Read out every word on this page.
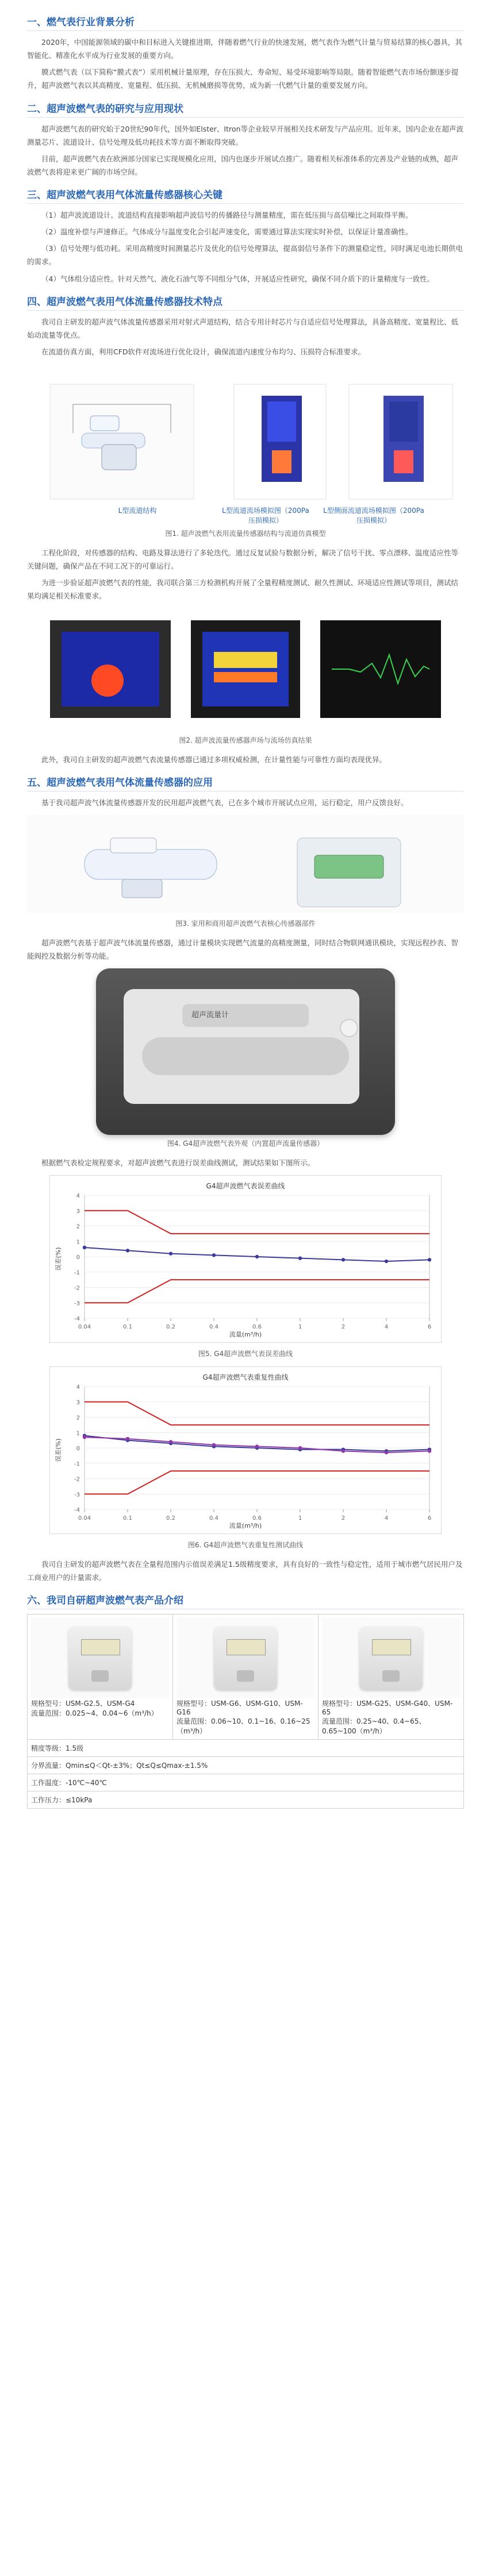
一、燃气表行业背景分析
2020年，中国能源领域的碳中和目标进入关键推进期，伴随着燃气行业的快速发展，燃气表作为燃气计量与贸易结算的核心器具，其智能化、精准化水平成为行业发展的重要方向。
膜式燃气表（以下简称“膜式表”）采用机械计量原理，存在压损大、寿命短、易受环境影响等局限。随着智能燃气表市场份额逐步提升，超声波燃气表以其高精度、宽量程、低压损、无机械磨损等优势，成为新一代燃气计量的重要发展方向。
二、超声波燃气表的研究与应用现状
超声波燃气表的研究始于20世纪90年代，国外如Elster、Itron等企业较早开展相关技术研发与产品应用。近年来，国内企业在超声波测量芯片、流道设计、信号处理及低功耗技术等方面不断取得突破。
目前，超声波燃气表在欧洲部分国家已实现规模化应用，国内也逐步开展试点推广。随着相关标准体系的完善及产业链的成熟，超声波燃气表将迎来更广阔的市场空间。
三、超声波燃气表用气体流量传感器核心关键
（1）超声波流道设计。流道结构直接影响超声波信号的传播路径与测量精度，需在低压损与高信噪比之间取得平衡。
（2）温度补偿与声速修正。气体成分与温度变化会引起声速变化，需要通过算法实现实时补偿，以保证计量准确性。
（3）信号处理与低功耗。采用高精度时间测量芯片及优化的信号处理算法，提高弱信号条件下的测量稳定性，同时满足电池长期供电的需求。
（4）气体组分适应性。针对天然气、液化石油气等不同组分气体，开展适应性研究，确保不同介质下的计量精度与一致性。
四、超声波燃气表用气体流量传感器技术特点
我司自主研发的超声波气体流量传感器采用对射式声道结构，结合专用计时芯片与自适应信号处理算法，具备高精度、宽量程比、低始动流量等优点。
在流道仿真方面，利用CFD软件对流场进行优化设计，确保流道内速度分布均匀、压损符合标准要求。
L型流道结构	L型流道流场模拟图（200Pa压损模拟）
L型侧面流道流场模拟图（200Pa压损模拟）
图1. 超声波燃气表用流量传感器结构与流道仿真模型
工程化阶段，对传感器的结构、电路及算法进行了多轮迭代。通过反复试验与数据分析，解决了信号干扰、零点漂移、温度适应性等关键问题，确保产品在不同工况下的可靠运行。
为进一步验证超声波燃气表的性能，我司联合第三方检测机构开展了全量程精度测试、耐久性测试、环境适应性测试等项目，测试结果均满足相关标准要求。
图2. 超声波流量传感器声场与流场仿真结果
此外，我司自主研发的超声波燃气表流量传感器已通过多项权威检测，在计量性能与可靠性方面均表现优异。
五、超声波燃气表用气体流量传感器的应用
基于我司超声波气体流量传感器开发的民用超声波燃气表，已在多个城市开展试点应用，运行稳定，用户反馈良好。
图3. 家用和商用超声波燃气表核心传感器部件
超声波燃气表基于超声波气体流量传感器，通过计量模块实现燃气流量的高精度测量，同时结合物联网通讯模块，实现远程抄表、智能阀控及数据分析等功能。
超声流量计
图4. G4超声波燃气表外观（内置超声流量传感器）
根据燃气表检定规程要求，对超声波燃气表进行误差曲线测试，测试结果如下图所示。
-4
-3
-2
-1
0
1
2
3
4
0.04	0.1	0.2	0.4	0.6	1	2	4	6
G4超声波燃气表误差曲线
流量(m³/h)
误差(%)
图5. G4超声波燃气表误差曲线
-4
-3
-2
-1
0
1
2
3
4
0.04	0.1	0.2	0.4	0.6	1	2	4	6
G4超声波燃气表重复性曲线
流量(m³/h)
误差(%)
图6. G4超声波燃气表重复性测试曲线
我司自主研发的超声波燃气表在全量程范围内示值误差满足1.5级精度要求，具有良好的一致性与稳定性，适用于城市燃气居民用户及工商业用户的计量需求。
六、我司自研超声波燃气表产品介绍
规格型号：USM-G2.5、USM-G4
流量范围：0.025~4、0.04~6（m³/h）

规格型号：USM-G6、USM-G10、USM-G16
流量范围：0.06~10、0.1~16、0.16~25（m³/h）

规格型号：USM-G25、USM-G40、USM-65
流量范围：0.25~40、0.4~65、0.65~100（m³/h）

精度等级：1.5级
分界流量：Qmin≤Q＜Qt-±3%；Qt≤Q≤Qmax-±1.5%
工作温度：-10℃~40℃
工作压力：≤10kPa
